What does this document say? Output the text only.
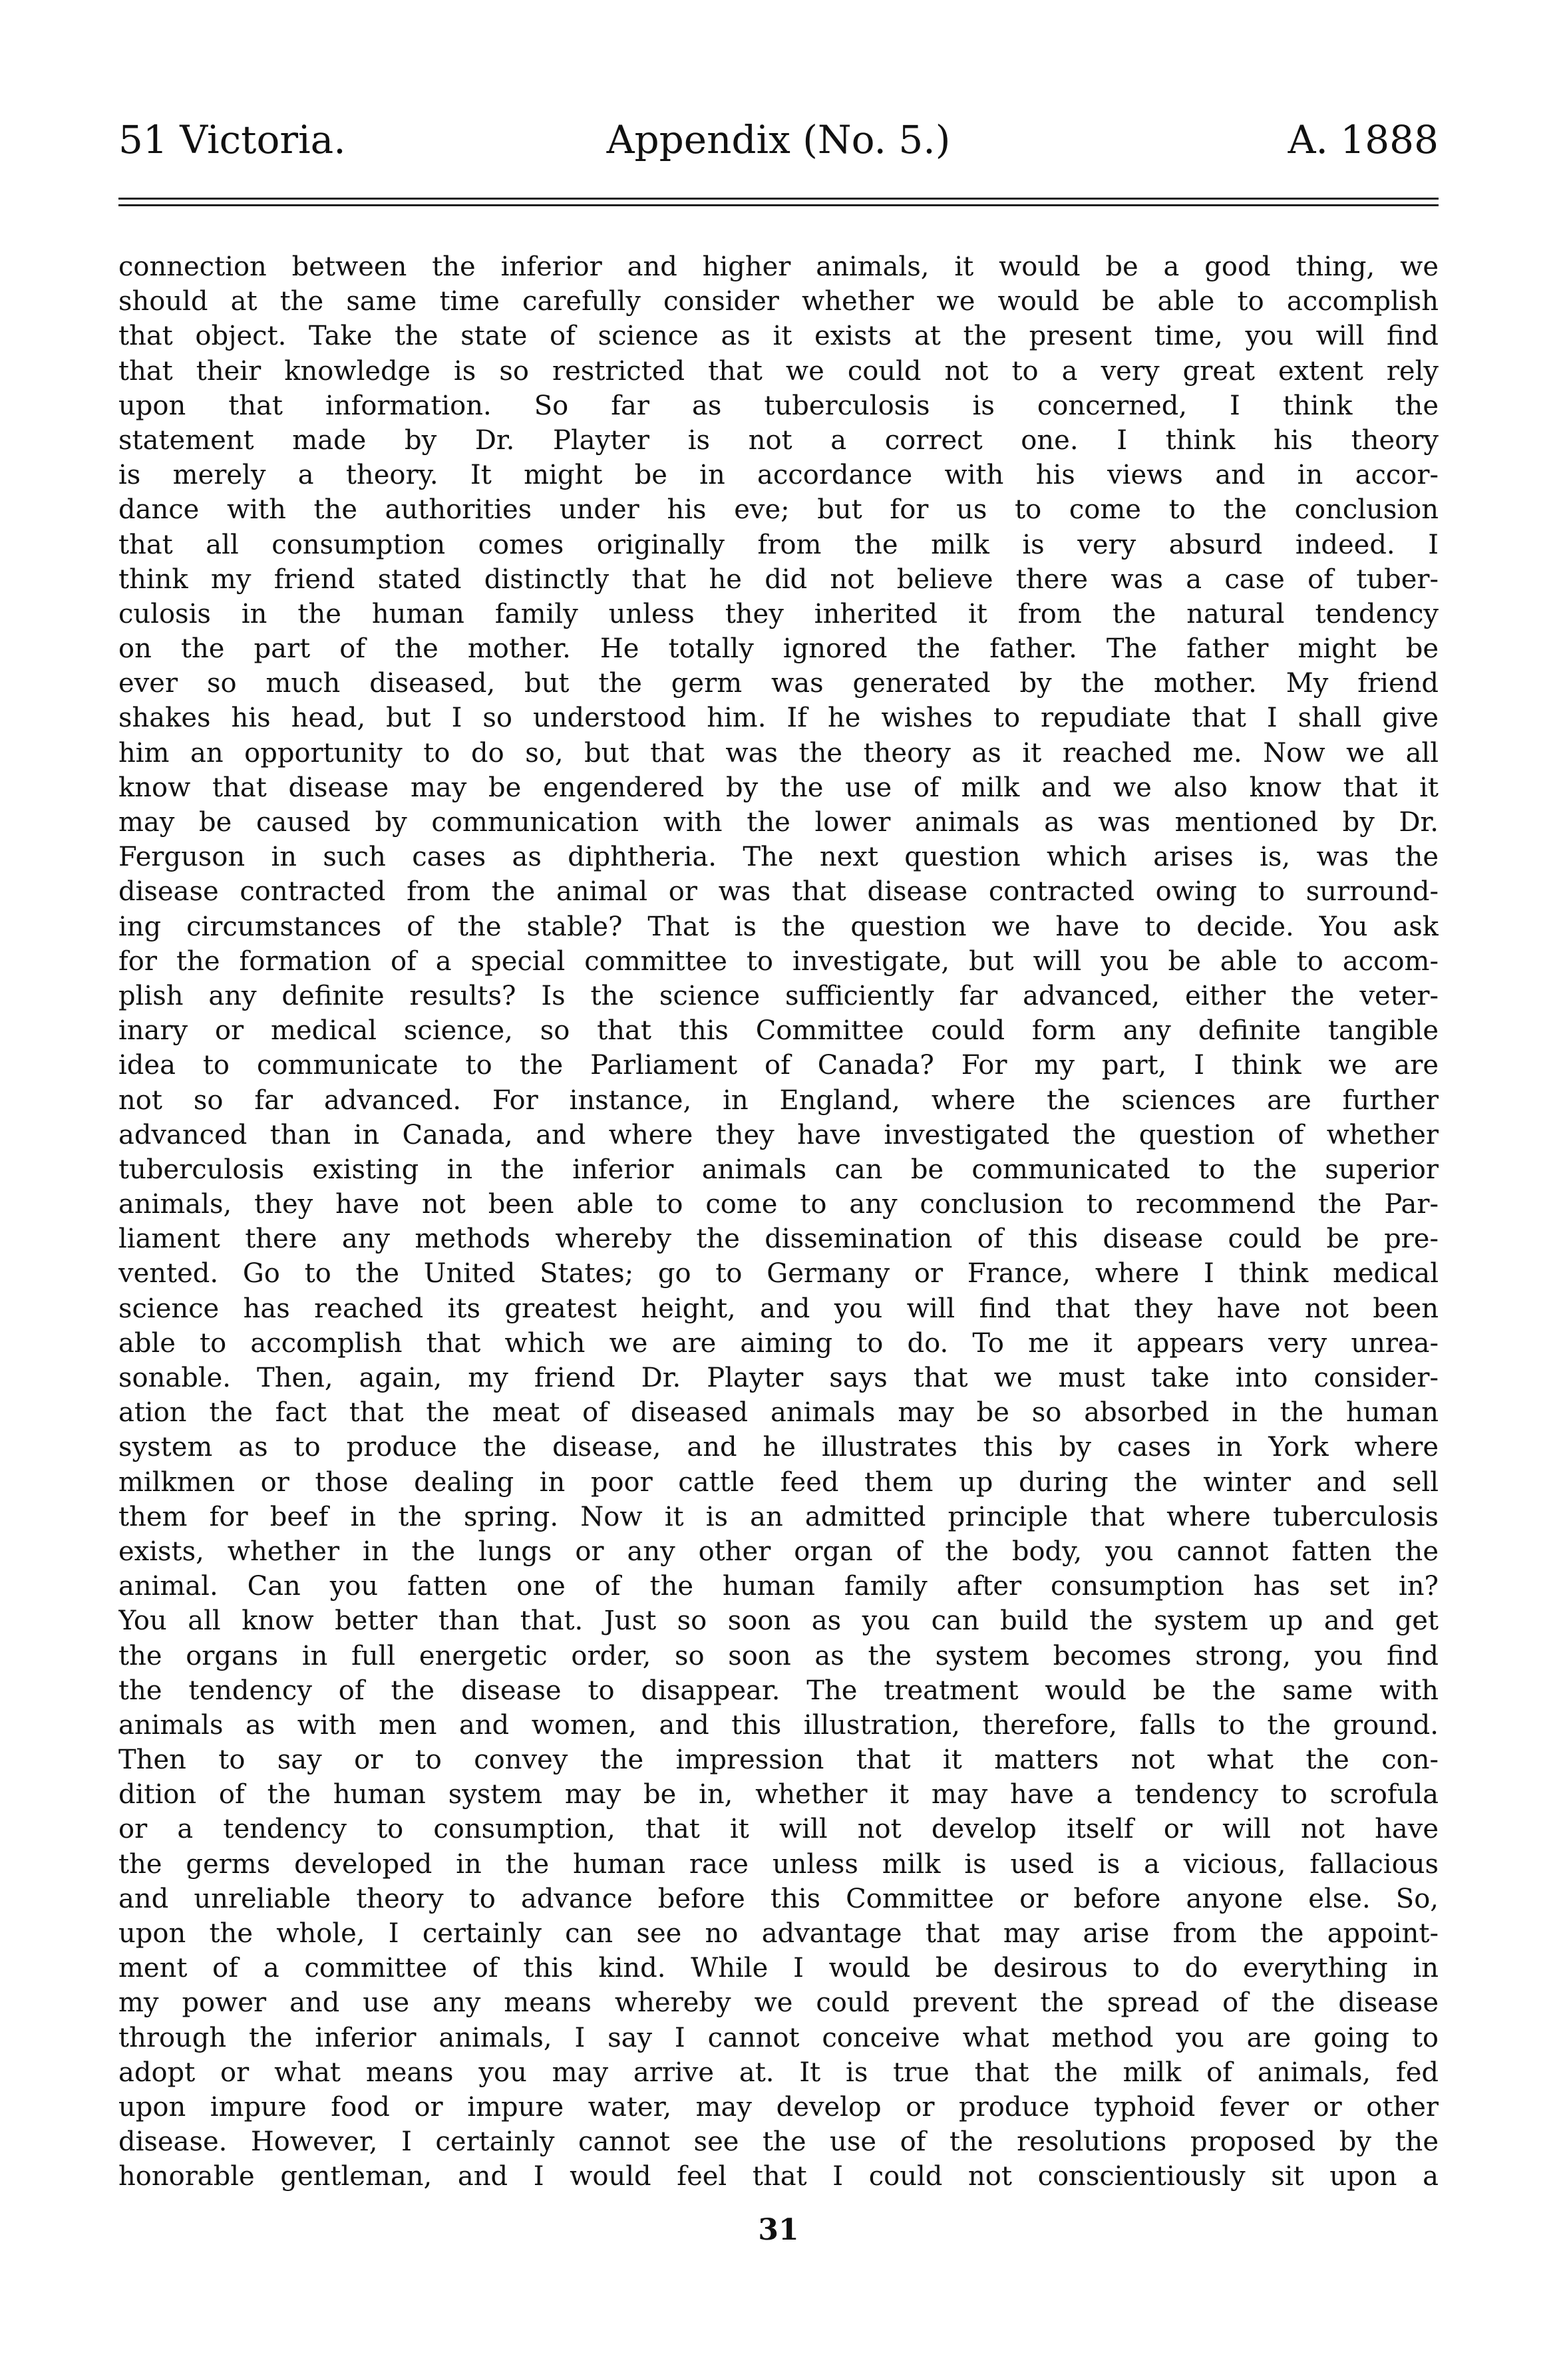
51 Victoria.	Appendix (No. 5.)	A. 1888
connection between the inferior and higher animals, it would be a good thing, we
should at the same time carefully consider whether we would be able to accomplish
that object. Take the state of science as it exists at the present time, you will find
that their knowledge is so restricted that we could not to a very great extent rely
upon that information. So far as tuberculosis is concerned, I think the
statement made by Dr. Playter is not a correct one. I think his theory
is merely a theory. It might be in accordance with his views and in accor-
dance with the authorities under his eve; but for us to come to the conclusion
that all consumption comes originally from the milk is very absurd indeed. I
think my friend stated distinctly that he did not believe there was a case of tuber-
culosis in the human family unless they inherited it from the natural tendency
on the part of the mother. He totally ignored the father. The father might be
ever so much diseased, but the germ was generated by the mother. My friend
shakes his head, but I so understood him. If he wishes to repudiate that I shall give
him an opportunity to do so, but that was the theory as it reached me. Now we all
know that disease may be engendered by the use of milk and we also know that it
may be caused by communication with the lower animals as was mentioned by Dr.
Ferguson in such cases as diphtheria. The next question which arises is, was the
disease contracted from the animal or was that disease contracted owing to surround-
ing circumstances of the stable? That is the question we have to decide. You ask
for the formation of a special committee to investigate, but will you be able to accom-
plish any definite results? Is the science sufficiently far advanced, either the veter-
inary or medical science, so that this Committee could form any definite tangible
idea to communicate to the Parliament of Canada? For my part, I think we are
not so far advanced. For instance, in England, where the sciences are further
advanced than in Canada, and where they have investigated the question of whether
tuberculosis existing in the inferior animals can be communicated to the superior
animals, they have not been able to come to any conclusion to recommend the Par-
liament there any methods whereby the dissemination of this disease could be pre-
vented. Go to the United States; go to Germany or France, where I think medical
science has reached its greatest height, and you will find that they have not been
able to accomplish that which we are aiming to do. To me it appears very unrea-
sonable. Then, again, my friend Dr. Playter says that we must take into consider-
ation the fact that the meat of diseased animals may be so absorbed in the human
system as to produce the disease, and he illustrates this by cases in York where
milkmen or those dealing in poor cattle feed them up during the winter and sell
them for beef in the spring. Now it is an admitted principle that where tuberculosis
exists, whether in the lungs or any other organ of the body, you cannot fatten the
animal. Can you fatten one of the human family after consumption has set in?
You all know better than that. Just so soon as you can build the system up and get
the organs in full energetic order, so soon as the system becomes strong, you find
the tendency of the disease to disappear. The treatment would be the same with
animals as with men and women, and this illustration, therefore, falls to the ground.
Then to say or to convey the impression that it matters not what the con-
dition of the human system may be in, whether it may have a tendency to scrofula
or a tendency to consumption, that it will not develop itself or will not have
the germs developed in the human race unless milk is used is a vicious, fallacious
and unreliable theory to advance before this Committee or before anyone else. So,
upon the whole, I certainly can see no advantage that may arise from the appoint-
ment of a committee of this kind. While I would be desirous to do everything in
my power and use any means whereby we could prevent the spread of the disease
through the inferior animals, I say I cannot conceive what method you are going to
adopt or what means you may arrive at. It is true that the milk of animals, fed
upon impure food or impure water, may develop or produce typhoid fever or other
disease. However, I certainly cannot see the use of the resolutions proposed by the
honorable gentleman, and I would feel that I could not conscientiously sit upon a
31
